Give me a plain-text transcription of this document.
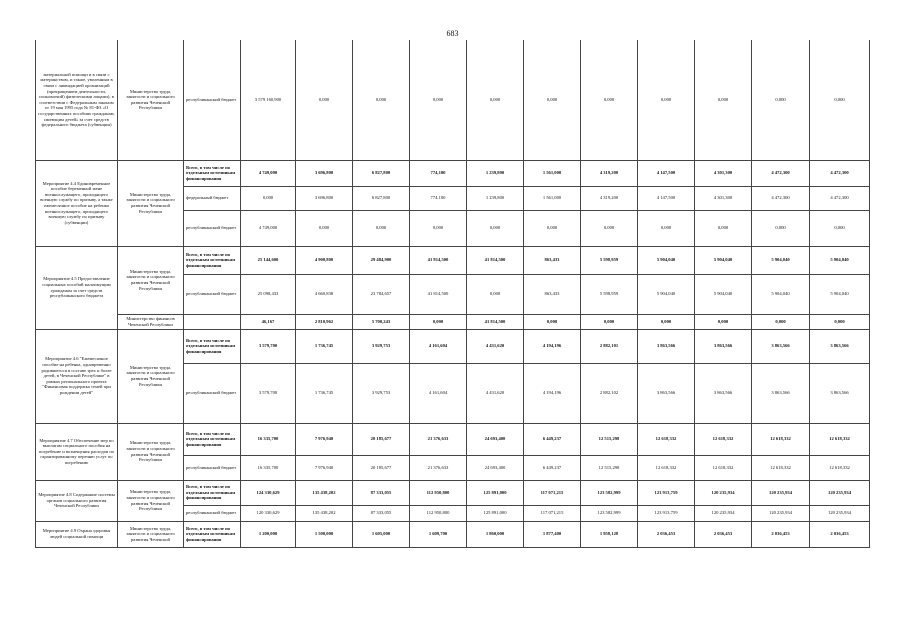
683
материальной помощи и в связи с материнством, и также, уволенным в связи с ликвидацией организаций (прекращением деятельности, полномочий) физическими лицами), в соответствии с Федеральным законом от 19 мая 1995 года № 81-ФЗ «О государственных пособиях гражданам, имеющим детей» за счет средств федерального бюджета (субвенции)	Министерство труда, занятости и социального развития Чеченской Республики	республиканский бюджет	3 579 160,900	0,000	0,000	0,000	0,000	0,000	0,000	0,000	0,000	0,000	0,000
Мероприятие 4.4 Единовременное пособие беременной жене военнослужащего, проходящего военную службу по призыву, а также ежемесячное пособие на ребенка военнослужащего, проходящего военную службу по призыву (субвенции)	Министерство труда, занятости и социального развития Чеченской Республики	Всего, в том числе по отдельным источникам финансирования	4 749,000	3 696,800	6 827,800	774,100	1 239,800	1 561,000	4 319,200	4 147,500	4 301,300	4 472,300	4 472,300
		федеральный бюджет	0,000	3 696,800	6 827,800	774,100	1 239,800	1 561,000	4 319,200	4 147,500	4 301,300	4 472,300	4 472,300
		республиканский бюджет	4 749,000	0,000	0,000	0,000	0,000	0,000	0,000	0,000	0,000	0,000	0,000
Мероприятие 4.5 Предоставление социальных пособий малоимущим гражданам за счет средств республиканского бюджета	Министерство труда, занятости и социального развития Чеченской Республики	Всего, в том числе по отдельным источникам финансирования	25 144,600	4 900,800	29 484,900	41 814,500	41 814,500	863,433	5 598,959	5 904,040	5 904,040	5 904,040	5 904,040
		республиканский бюджет	25 098,433	4 660,838	23 784,657	41 814,500	0,000	863,433	5 598,959	5 904,040	5 904,040	5 904,040	5 904,040
	Министерство финансов Чеченской Республики		46,167	2 810,962	5 700,243	0,000	41 814,500	0,000	0,000	0,000	0,000	0,000	0,000
Мероприятие 4.6 "Ежемесячное пособие на ребенка, одновременно родившегося в составе трех и более детей, в Чеченской Республике" в рамках регионального проекта "Финансовая поддержка семей при рождении детей"	Министерство труда, занятости и социального развития Чеченской Республики	Всего, в том числе по отдельным источникам финансирования	3 579,700	1 736,745	3 929,753	4 161,604	4 431,620	4 194,196	2 882,101	3 863,566	3 863,566	3 863,566	3 863,566
		республиканский бюджет	3 579,700	1 736,745	3 929,753	4 161,604	4 431,620	4 194,196	2 882,102	3 863,566	3 863,566	3 863,566	3 863,566
Мероприятие 4.7 Обеспечение мер по выплатам социального пособия на погребение и возмещения расходов по гарантированному перечню услуг по погребению	Министерство труда, занятости и социального развития Чеченской Республики	Всего, в том числе по отдельным источникам финансирования	16 335,700	7 976,940	20 185,677	21 376,633	24 693,400	6 449,237	12 515,298	12 618,332	12 618,332	12 618,332	12 618,332
		республиканский бюджет	16 335,700	7 976,940	20 185,677	21 376,633	24 693,400	6 449,237	12 515,298	12 618,332	12 618,332	12 618,332	12 618,332
Мероприятие 4.8 Содержание системы органов социального развития Чеченской Республики	Министерство труда, занятости и социального развития Чеченской Республики	Всего, в том числе по отдельным источникам финансирования	124 330,629	135 438,202	87 333,055	112 950,800	125 891,000	117 071,215	123 582,999	123 913,759	120 235,934	120 235,934	120 235,934
		республиканский бюджет	120 330,629	135 438,202	87 333,055	112 950,800	125 891,000	117 071,215	123 582,999	123 913,759	120 235,934	120 235,934	120 235,934
Мероприятие 4.9 Охрана здоровья людей социальной помощи	Министерство труда, занятости и социального развития Чеченской	Всего, в том числе по отдельным источникам финансирования	1 200,000	1 500,000	1 605,000	1 609,700	1 860,000	1 877,400	1 958,128	2 036,453	2 036,453	2 036,453	2 036,453
